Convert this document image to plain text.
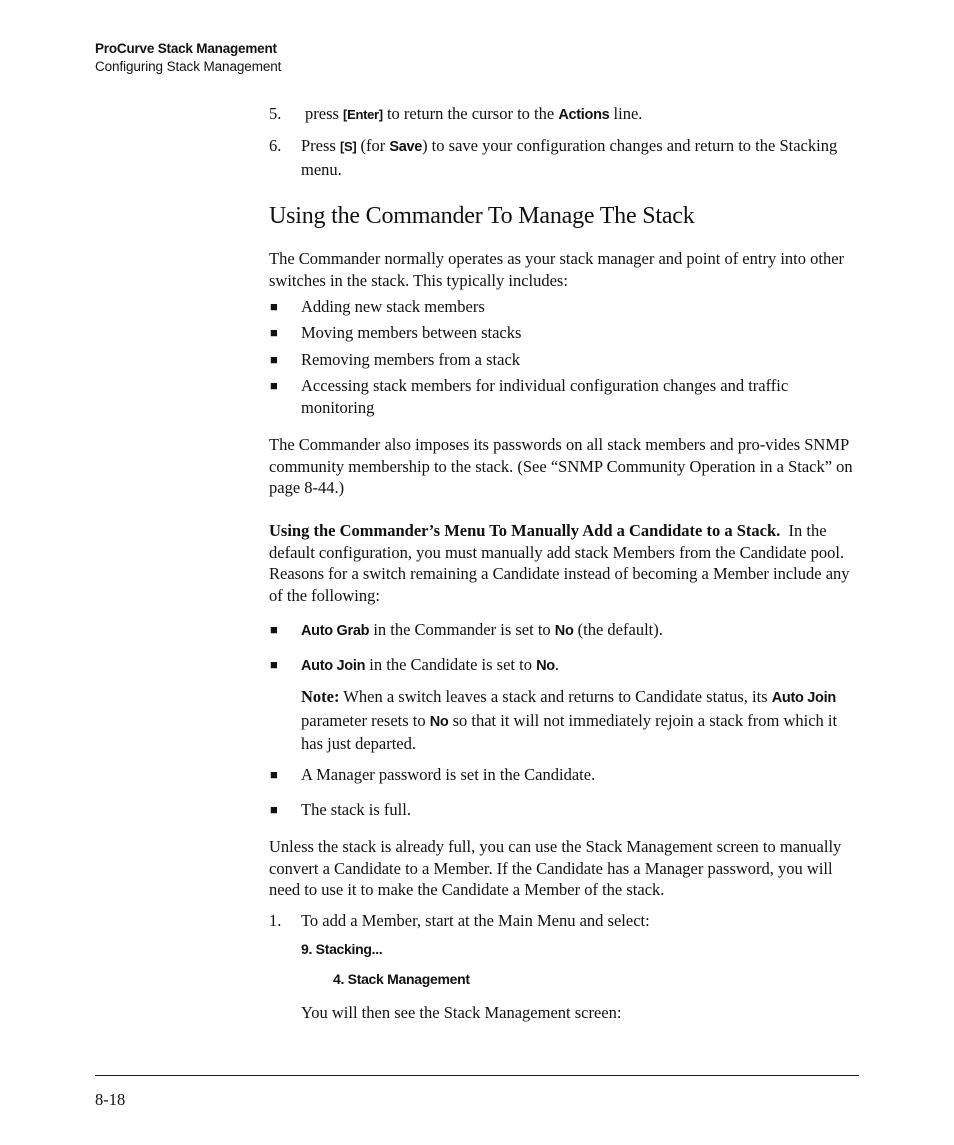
ProCurve Stack Management
Configuring Stack Management
5. press [Enter] to return the cursor to the Actions line.
6. Press [S] (for Save) to save your configuration changes and return to the Stacking menu.
Using the Commander To Manage The Stack
The Commander normally operates as your stack manager and point of entry into other switches in the stack. This typically includes:
■ Adding new stack members
■ Moving members between stacks
■ Removing members from a stack
■ Accessing stack members for individual configuration changes and traffic monitoring
The Commander also imposes its passwords on all stack members and pro-vides SNMP community membership to the stack. (See “SNMP Community Operation in a Stack” on page 8-44.)
Using the Commander’s Menu To Manually Add a Candidate to a Stack. In the default configuration, you must manually add stack Members from the Candidate pool. Reasons for a switch remaining a Candidate instead of becoming a Member include any of the following:
■ Auto Grab in the Commander is set to No (the default).
■ Auto Join in the Candidate is set to No.
Note: When a switch leaves a stack and returns to Candidate status, its Auto Join parameter resets to No so that it will not immediately rejoin a stack from which it has just departed.
■ A Manager password is set in the Candidate.
■ The stack is full.
Unless the stack is already full, you can use the Stack Management screen to manually convert a Candidate to a Member. If the Candidate has a Manager password, you will need to use it to make the Candidate a Member of the stack.
1. To add a Member, start at the Main Menu and select:
9. Stacking...
4. Stack Management
You will then see the Stack Management screen:
8-18
